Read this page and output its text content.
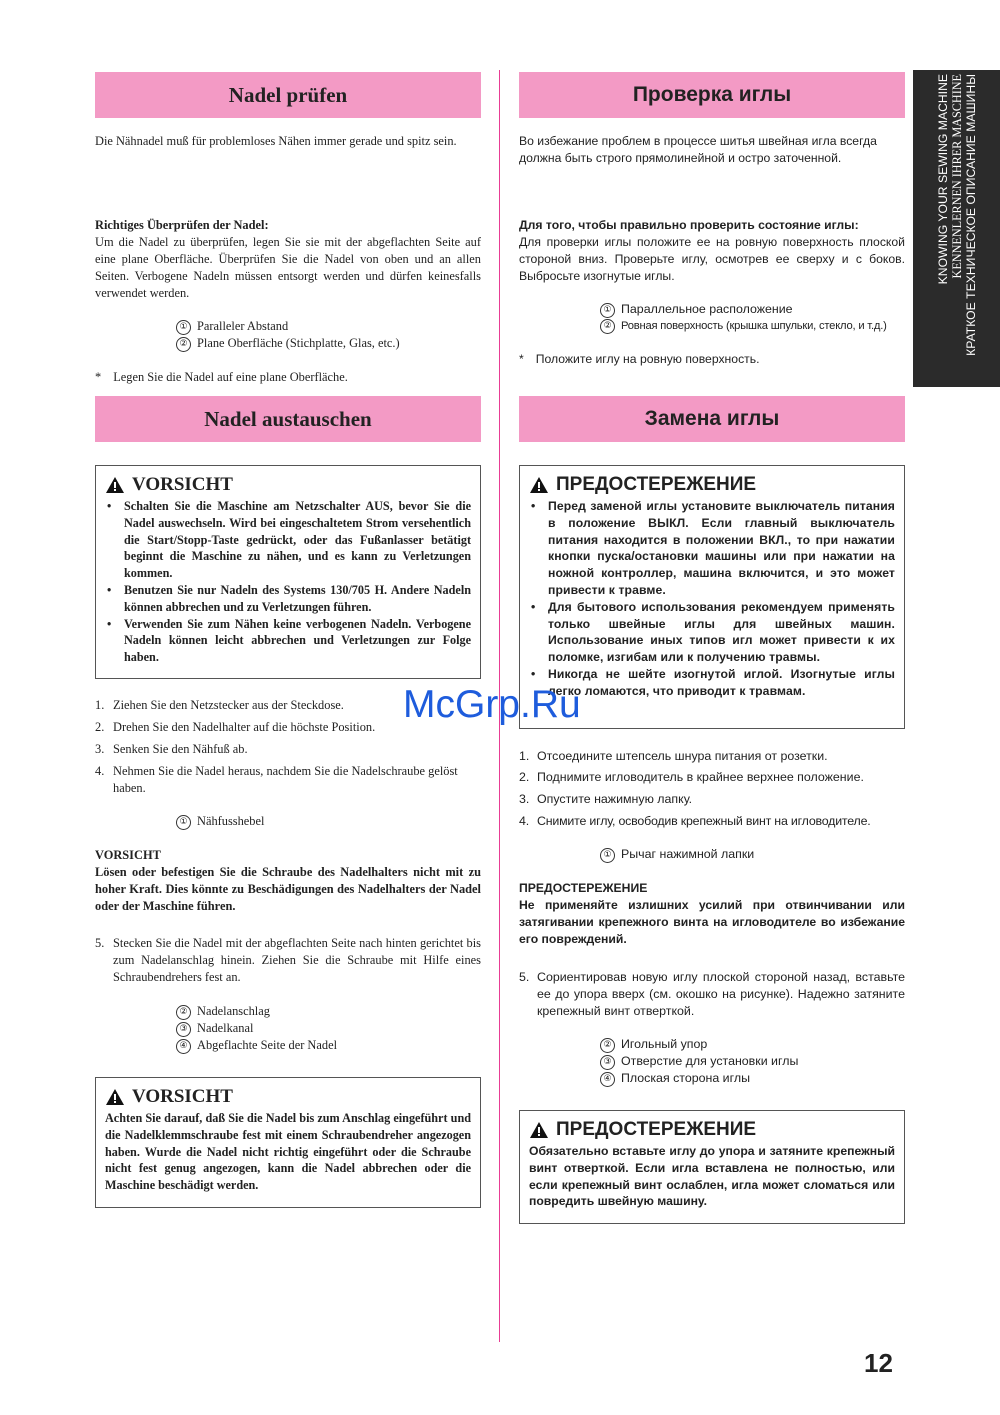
KNOWING YOUR SEWING MACHINE KENNENLERNEN IHRER MASCHINE КРАТКОЕ ТЕХНИЧЕСКОЕ ОПИСАНИЕ МАШИНЫ
Nadel prüfen
Die Nähnadel muß für problemloses Nähen immer gerade und spitz sein.
Richtiges Überprüfen der Nadel:
Um die Nadel zu überprüfen, legen Sie sie mit der abgeflachten Seite auf eine plane Oberfläche. Überprüfen Sie die Nadel von oben und an allen Seiten. Verbogene Nadeln müssen entsorgt werden und dürfen keinesfalls verwendet werden.
① Paralleler Abstand
② Plane Oberfläche (Stichplatte, Glas, etc.)
* Legen Sie die Nadel auf eine plane Oberfläche.
Nadel austauschen
VORSICHT
• Schalten Sie die Maschine am Netzschalter AUS, bevor Sie die Nadel auswechseln. Wird bei eingeschaltetem Strom versehentlich die Start/Stopp-Taste gedrückt, oder das Fußanlasser betätigt beginnt die Maschine zu nähen, und es kann zu Verletzungen kommen.
• Benutzen Sie nur Nadeln des Systems 130/705 H. Andere Nadeln können abbrechen und zu Verletzungen führen.
• Verwenden Sie zum Nähen keine verbogenen Nadeln. Verbogene Nadeln können leicht abbrechen und Verletzungen zur Folge haben.
1. Ziehen Sie den Netzstecker aus der Steckdose.
2. Drehen Sie den Nadelhalter auf die höchste Position.
3. Senken Sie den Nähfuß ab.
4. Nehmen Sie die Nadel heraus, nachdem Sie die Nadelschraube gelöst haben.
① Nähfusshebel
VORSICHT
Lösen oder befestigen Sie die Schraube des Nadelhalters nicht mit zu hoher Kraft. Dies könnte zu Beschädigungen des Nadelhalters der Nadel oder der Maschine führen.
5. Stecken Sie die Nadel mit der abgeflachten Seite nach hinten gerichtet bis zum Nadelanschlag hinein. Ziehen Sie die Schraube mit Hilfe eines Schraubendrehers fest an.
② Nadelanschlag
③ Nadelkanal
④ Abgeflachte Seite der Nadel
VORSICHT
Achten Sie darauf, daß Sie die Nadel bis zum Anschlag eingeführt und die Nadelklemmschraube fest mit einem Schraubendreher angezogen haben. Wurde die Nadel nicht richtig eingeführt oder die Schraube nicht fest genug angezogen, kann die Nadel abbrechen oder die Maschine beschädigt werden.
Проверка иглы
Во избежание проблем в процессе шитья швейная игла всегда должна быть строго прямолинейной и остро заточенной.
Для того, чтобы правильно проверить состояние иглы:
Для проверки иглы положите ее на ровную поверхность плоской стороной вниз. Проверьте иглу, осмотрев ее сверху и с боков. Выбросьте изогнутые иглы.
① Параллельное расположение
② Ровная поверхность (крышка шпульки, стекло, и т.д.)
* Положите иглу на ровную поверхность.
Замена иглы
ПРЕДОСТЕРЕЖЕНИЕ
• Перед заменой иглы установите выключатель питания в положение ВЫКЛ. Если главный выключатель питания находится в положении ВКЛ., то при нажатии кнопки пуска/остановки машины или при нажатии на ножной контроллер, машина включится, и это может привести к травме.
• Для бытового использования рекомендуем применять только швейные иглы для швейных машин. Использование иных типов игл может привести к их поломке, изгибам или к получению травмы.
• Никогда не шейте изогнутой иглой. Изогнутые иглы легко ломаются, что приводит к травмам.
1. Отсоедините штепсель шнура питания от розетки.
2. Поднимите игловодитель в крайнее верхнее положение.
3. Опустите нажимную лапку.
4. Снимите иглу, освободив крепежный винт на игловодителе.
① Рычаг нажимной лапки
ПРЕДОСТЕРЕЖЕНИЕ
Не применяйте излишних усилий при отвинчивании или затягивании крепежного винта на игловодителе во избежание его повреждений.
5. Сориентировав новую иглу плоской стороной назад, вставьте ее до упора вверх (см. окошко на рисунке). Надежно затяните крепежный винт отверткой.
② Игольный упор
③ Отверстие для установки иглы
④ Плоская сторона иглы
ПРЕДОСТЕРЕЖЕНИЕ
Обязательно вставьте иглу до упора и затяните крепежный винт отверткой. Если игла вставлена не полностью, или если крепежный винт ослаблен, игла может сломаться или повредить швейную машину.
McGrp.Ru
12
